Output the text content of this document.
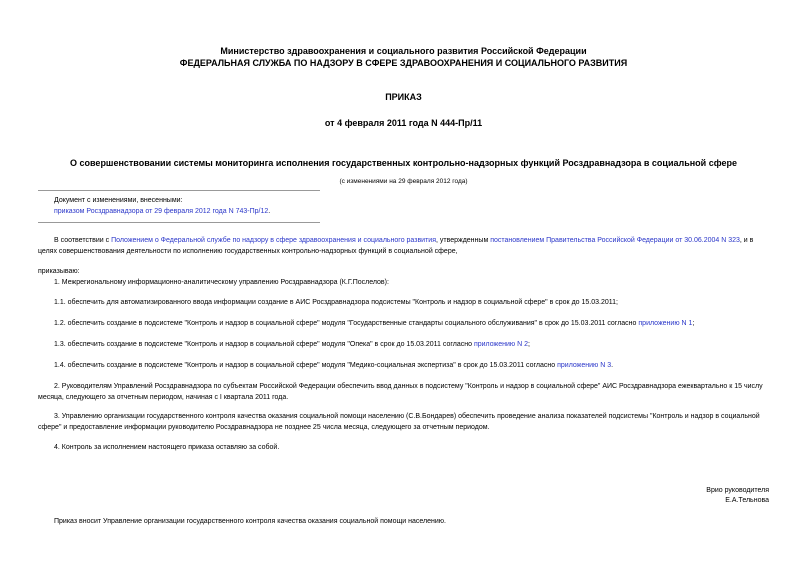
Министерство здравоохранения и социального развития Российской Федерации
ФЕДЕРАЛЬНАЯ СЛУЖБА ПО НАДЗОРУ В СФЕРЕ ЗДРАВООХРАНЕНИЯ И СОЦИАЛЬНОГО РАЗВИТИЯ
ПРИКАЗ
от 4 февраля 2011 года N 444-Пр/11
О совершенствовании системы мониторинга исполнения государственных контрольно-надзорных функций Росздравнадзора в социальной сфере
(с изменениями на 29 февраля 2012 года)
Документ с изменениями, внесенными:
приказом Росздравнадзора от 29 февраля 2012 года N 743-Пр/12.
В соответствии с Положением о Федеральной службе по надзору в сфере здравоохранения и социального развития, утвержденным постановлением Правительства Российской Федерации от 30.06.2004 N 323, и в целях совершенствования деятельности по исполнению государственных контрольно-надзорных функций в социальной сфере,
приказываю:
1. Межрегиональному информационно-аналитическому управлению Росздравнадзора (К.Г.Послелов):
1.1. обеспечить для автоматизированного ввода информации создание в АИС Росздравнадзора подсистемы "Контроль и надзор в социальной сфере" в срок до 15.03.2011;
1.2. обеспечить создание в подсистеме "Контроль и надзор в социальной сфере" модуля "Государственные стандарты социального обслуживания" в срок до 15.03.2011 согласно приложению N 1;
1.3. обеспечить создание в подсистеме "Контроль и надзор в социальной сфере" модуля "Опека" в срок до 15.03.2011 согласно приложению N 2;
1.4. обеспечить создание в подсистеме "Контроль и надзор в социальной сфере" модуля "Медико-социальная экспертиза" в срок до 15.03.2011 согласно приложению N 3.
2. Руководителям Управлений Росздравнадзора по субъектам Российской Федерации обеспечить ввод данных в подсистему "Контроль и надзор в социальной сфере" АИС Росздравнадзора ежеквартально к 15 числу месяца, следующего за отчетным периодом, начиная с I квартала 2011 года.
3. Управлению организации государственного контроля качества оказания социальной помощи населению (С.В.Бондарев) обеспечить проведение анализа показателей подсистемы "Контроль и надзор в социальной сфере" и предоставление информации руководителю Росздравнадзора не позднее 25 числа месяца, следующего за отчетным периодом.
4. Контроль за исполнением настоящего приказа оставляю за собой.
Врио руководителя
Е.А.Тельнова
Приказ вносит Управление организации государственного контроля качества оказания социальной помощи населению.
